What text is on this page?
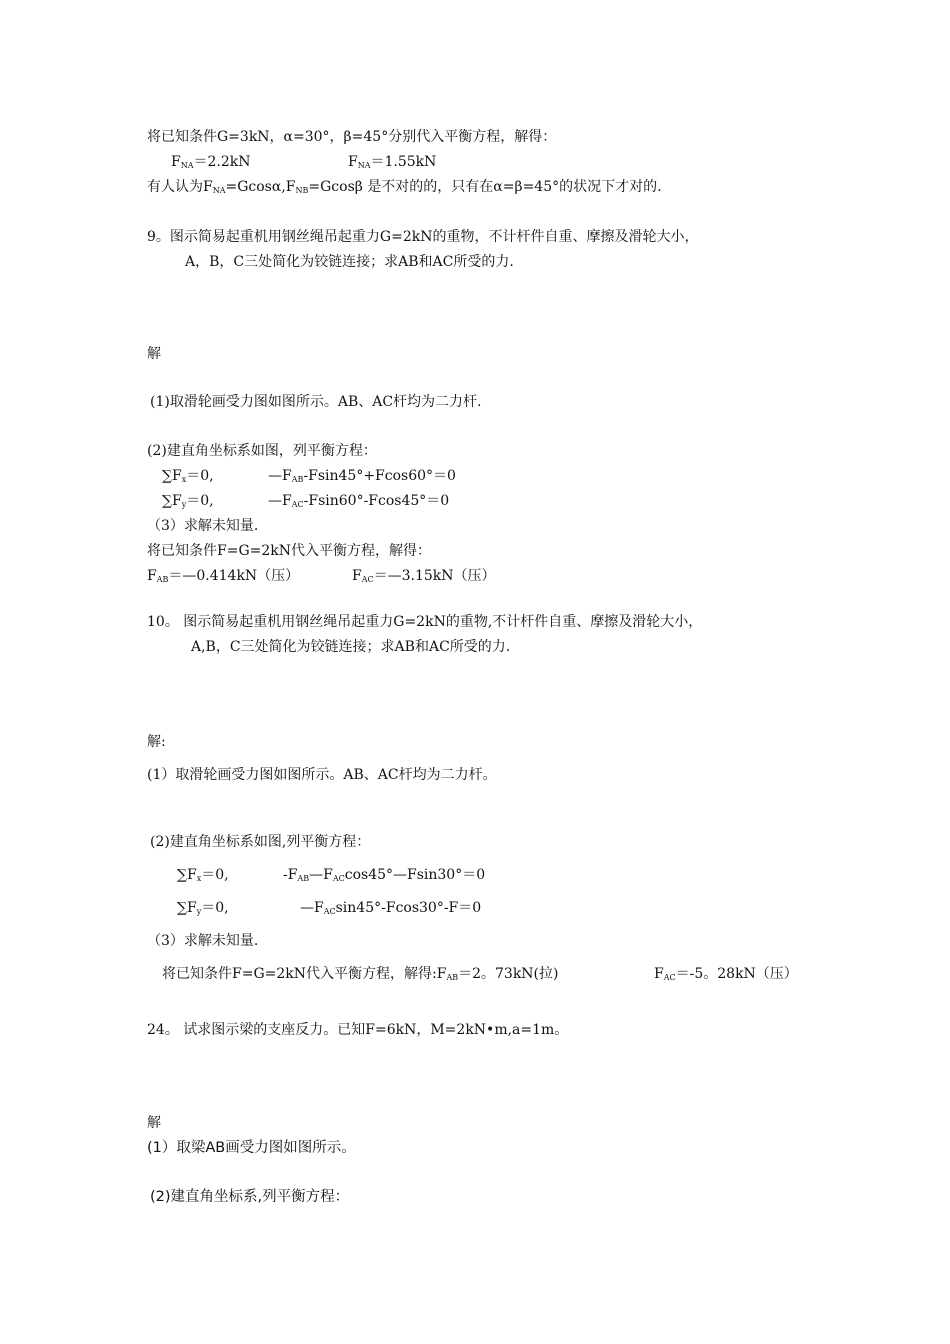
将已知条件G=3kN，α=30°，β=45°分别代入平衡方程，解得：
$F_{NA}=2.2kN$	$F_{NA}=1.55kN$
有人认为$F_{NA}=Gcos\alpha,F_{NB}=Gcos\beta$ 是不对的的，只有在α=β=45°的状况下才对的.
9。图示简易起重机用钢丝绳吊起重力G=2kN的重物，不计杆件自重、摩擦及滑轮大小，
A，B，C三处简化为铰链连接；求AB和AC所受的力.
解
(1)取滑轮画受力图如图所示。AB、AC杆均为二力杆.
(2)建直角坐标系如图，列平衡方程：
$\sum F_x=0$,	$—F_{AB}-Fsin45^\circ+Fcos60^\circ=0$
$\sum F_y=0$,	$—F_{AC}-Fsin60^\circ-Fcos45^\circ=0$
（3）求解未知量.
将已知条件F=G=2kN代入平衡方程，解得：
$F_{AB}=—0.414kN$（压）	$F_{AC}=—3.15kN$（压）
10。 图示简易起重机用钢丝绳吊起重力G=2kN的重物,不计杆件自重、摩擦及滑轮大小，
A,B，C三处简化为铰链连接；求AB和AC所受的力.
解:
(1）取滑轮画受力图如图所示。AB、AC杆均为二力杆。
(2)建直角坐标系如图,列平衡方程：
$\sum F_x=0$,	$-F_{AB}—F_{AC}\cos 45^\circ—Fsin30^\circ=0$
$\sum F_y=0$,	$—F_{AC}\sin 45^\circ-Fcos30^\circ-F=0$
（3）求解未知量.
将已知条件F=G=2kN代入平衡方程，解得$:F_{AB}=2$。73kN(拉)	$F_{AC}=-5$。28kN（压）
24。 试求图示梁的支座反力。已知F=6kN，M=2kN•m,a=1m。
解
(1）取梁AB画受力图如图所示。
(2)建直角坐标系,列平衡方程：
